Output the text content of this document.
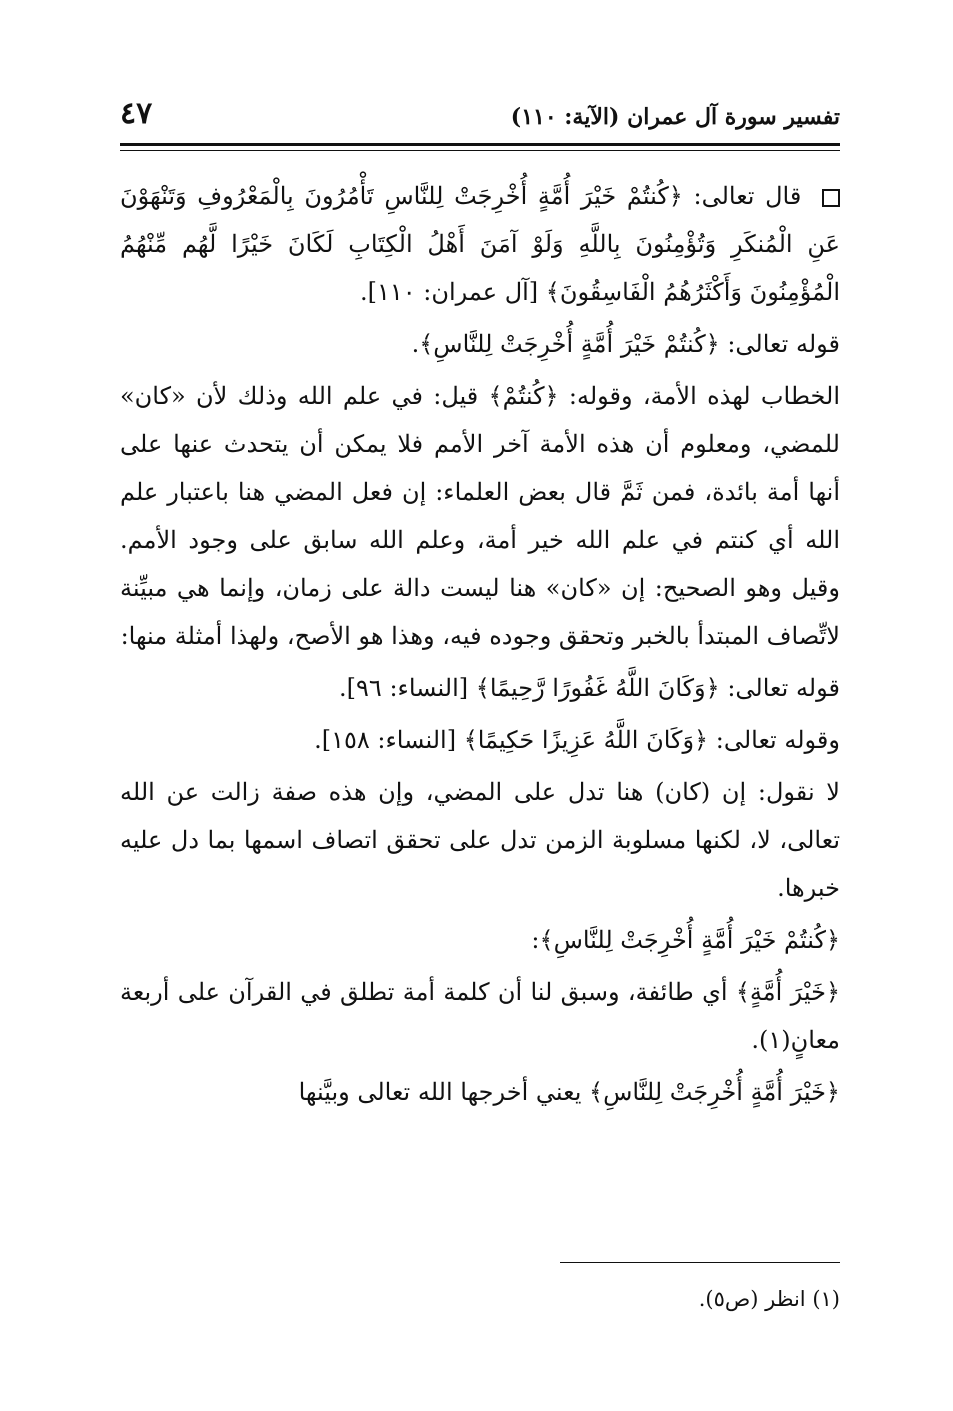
تفسير سورة آل عمران (الآية: ١١٠)
٤٧

قال تعالى: ﴿كُنتُمْ خَيْرَ أُمَّةٍ أُخْرِجَتْ لِلنَّاسِ تَأْمُرُونَ بِالْمَعْرُوفِ وَتَنْهَوْنَ عَنِ الْمُنكَرِ وَتُؤْمِنُونَ بِاللَّهِ وَلَوْ آمَنَ أَهْلُ الْكِتَابِ لَكَانَ خَيْرًا لَّهُم مِّنْهُمُ الْمُؤْمِنُونَ وَأَكْثَرُهُمُ الْفَاسِقُونَ﴾ [آل عمران: ١١٠].

قوله تعالى: ﴿كُنتُمْ خَيْرَ أُمَّةٍ أُخْرِجَتْ لِلنَّاسِ﴾.

الخطاب لهذه الأمة، وقوله: ﴿كُنتُمْ﴾ قيل: في علم الله وذلك لأن «كان» للمضي، ومعلوم أن هذه الأمة آخر الأمم فلا يمكن أن يتحدث عنها على أنها أمة بائدة، فمن ثَمَّ قال بعض العلماء: إن فعل المضي هنا باعتبار علم الله أي كنتم في علم الله خير أمة، وعلم الله سابق على وجود الأمم. وقيل وهو الصحيح: إن «كان» هنا ليست دالة على زمان، وإنما هي مبيِّنة لاتِّصاف المبتدأ بالخبر وتحقق وجوده فيه، وهذا هو الأصح، ولهذا أمثلة منها:

قوله تعالى: ﴿وَكَانَ اللَّهُ غَفُورًا رَّحِيمًا﴾ [النساء: ٩٦].

وقوله تعالى: ﴿وَكَانَ اللَّهُ عَزِيزًا حَكِيمًا﴾ [النساء: ١٥٨].

لا نقول: إن (كان) هنا تدل على المضي، وإن هذه صفة زالت عن الله تعالى، لا، لكنها مسلوبة الزمن تدل على تحقق اتصاف اسمها بما دل عليه خبرها.

﴿كُنتُمْ خَيْرَ أُمَّةٍ أُخْرِجَتْ لِلنَّاسِ﴾:

﴿خَيْرَ أُمَّةٍ﴾ أي طائفة، وسبق لنا أن كلمة أمة تطلق في القرآن على أربعة معانٍ(١).

﴿خَيْرَ أُمَّةٍ أُخْرِجَتْ لِلنَّاسِ﴾ يعني أخرجها الله تعالى وبيَّنها

(١) انظر (ص٥).
